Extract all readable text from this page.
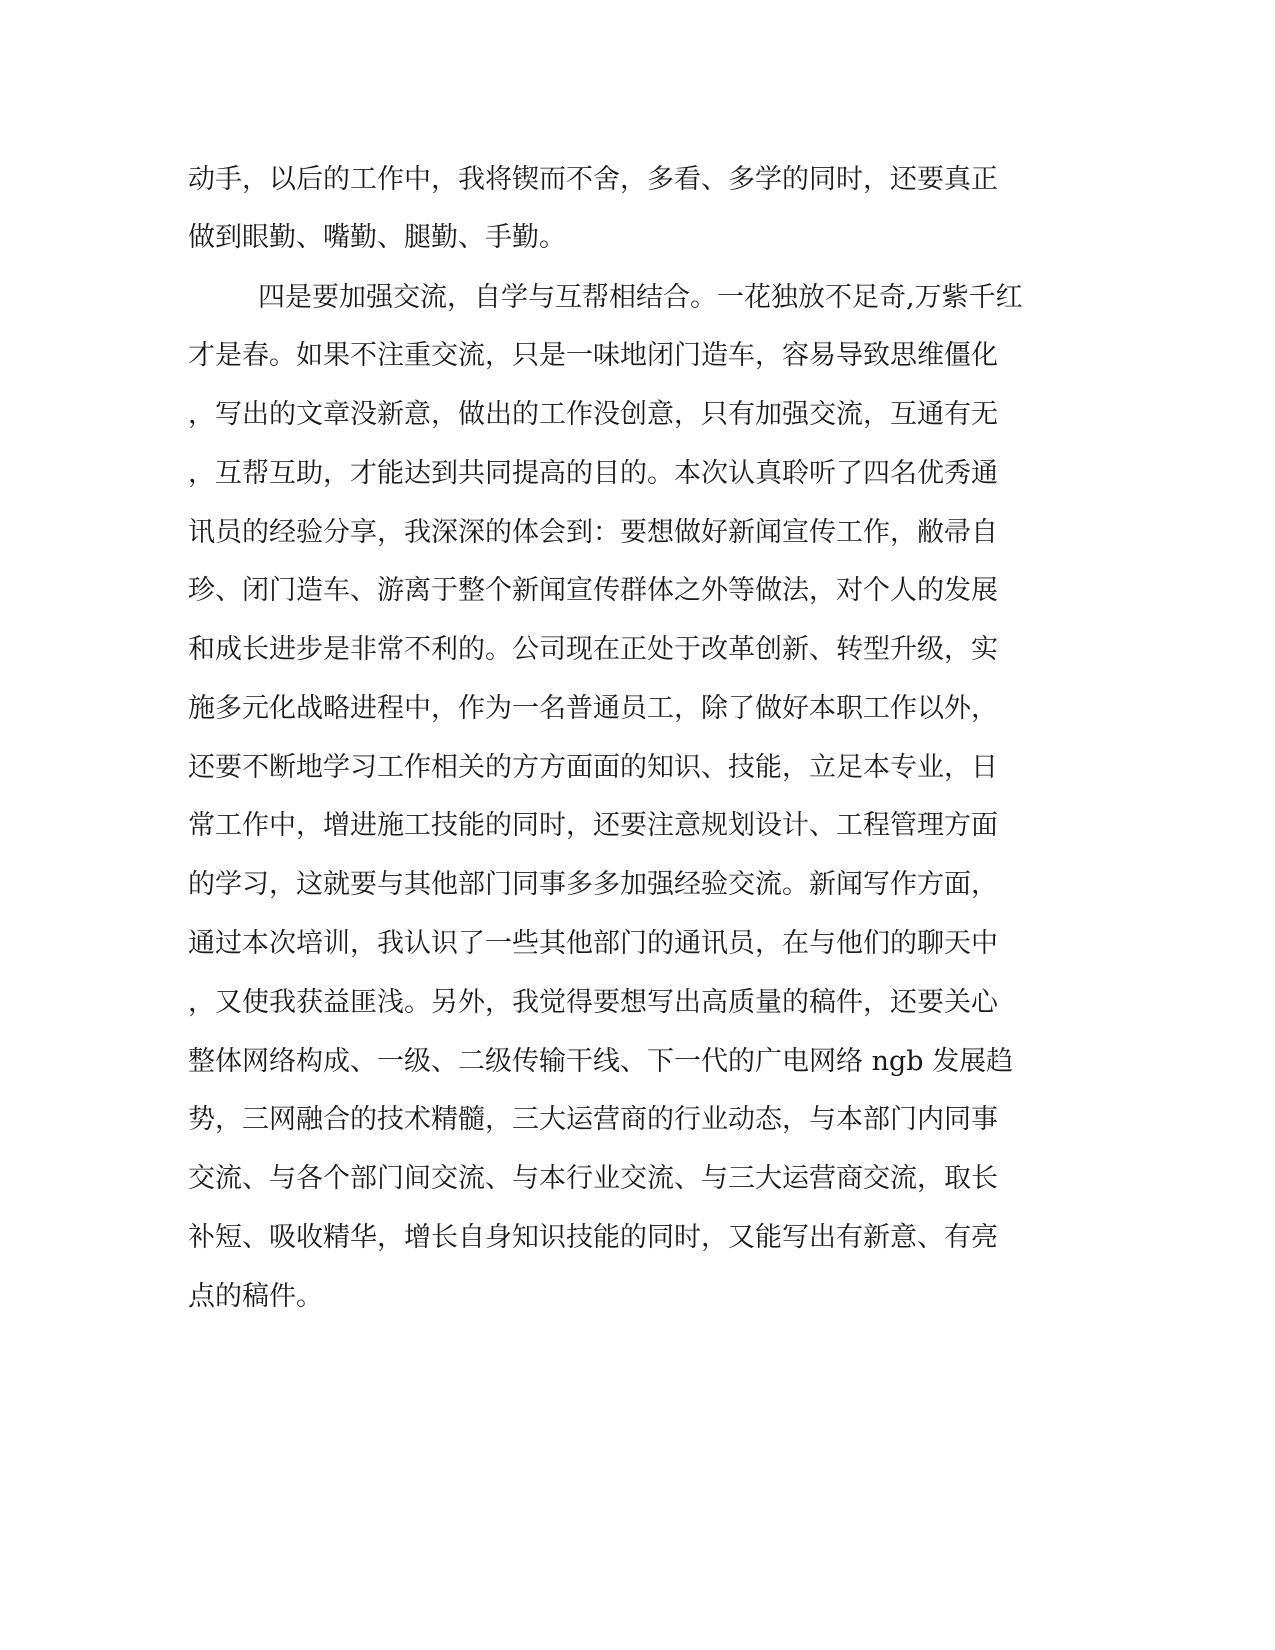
动手，以后的工作中，我将锲而不舍，多看、多学的同时，还要真正
做到眼勤、嘴勤、腿勤、手勤。
四是要加强交流，自学与互帮相结合。一花独放不足奇,万紫千红
才是春。如果不注重交流，只是一味地闭门造车，容易导致思维僵化
，写出的文章没新意，做出的工作没创意，只有加强交流，互通有无
，互帮互助，才能达到共同提高的目的。本次认真聆听了四名优秀通
讯员的经验分享，我深深的体会到：要想做好新闻宣传工作，敝帚自
珍、闭门造车、游离于整个新闻宣传群体之外等做法，对个人的发展
和成长进步是非常不利的。公司现在正处于改革创新、转型升级，实
施多元化战略进程中，作为一名普通员工，除了做好本职工作以外，
还要不断地学习工作相关的方方面面的知识、技能，立足本专业，日
常工作中，增进施工技能的同时，还要注意规划设计、工程管理方面
的学习，这就要与其他部门同事多多加强经验交流。新闻写作方面，
通过本次培训，我认识了一些其他部门的通讯员，在与他们的聊天中
，又使我获益匪浅。另外，我觉得要想写出高质量的稿件，还要关心
整体网络构成、一级、二级传输干线、下一代的广电网络 ngb 发展趋
势，三网融合的技术精髓，三大运营商的行业动态，与本部门内同事
交流、与各个部门间交流、与本行业交流、与三大运营商交流，取长
补短、吸收精华，增长自身知识技能的同时，又能写出有新意、有亮
点的稿件。
